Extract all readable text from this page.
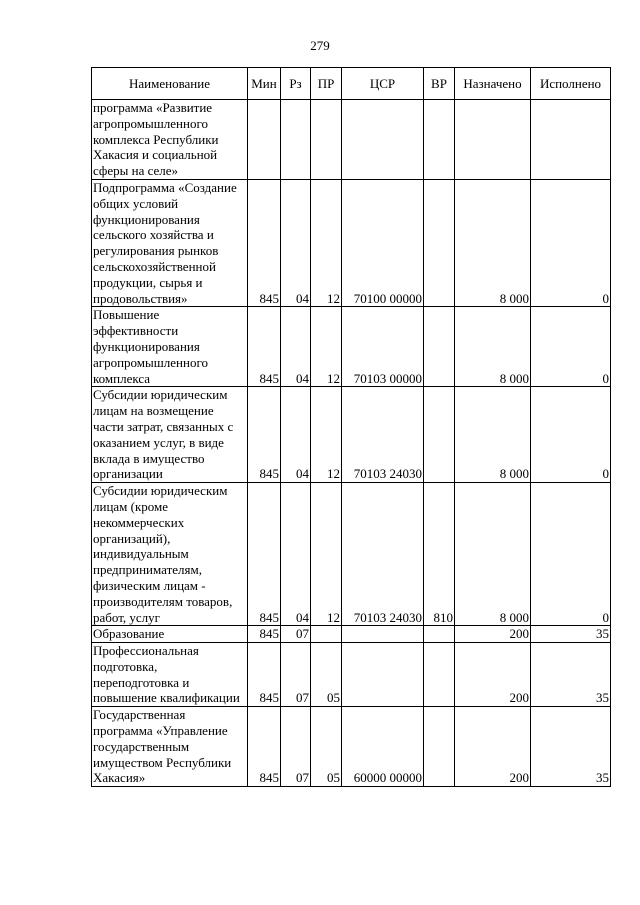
279
Наименование	Мин	Рз	ПР	ЦСР	ВР	Назначено	Исполнено
программа «Развитие агропромышленного комплекса Республики Хакасия и социальной сферы на селе»							
Подпрограмма «Создание общих условий функционирования сельского хозяйства и регулирования рынков сельскохозяйственной продукции, сырья и продовольствия»	845	04	12	70100 00000		8 000	0
Повышение эффективности функционирования агропромышленного комплекса	845	04	12	70103 00000		8 000	0
Субсидии юридическим лицам на возмещение части затрат, связанных с оказанием услуг, в виде вклада в имущество организации	845	04	12	70103 24030		8 000	0
Субсидии юридическим лицам (кроме некоммерческих организаций), индивидуальным предпринимателям, физическим лицам - производителям товаров, работ, услуг	845	04	12	70103 24030	810	8 000	0
Образование	845	07				200	35
Профессиональная подготовка, переподготовка и повышение квалификации	845	07	05			200	35
Государственная программа «Управление государственным имуществом Республики Хакасия»	845	07	05	60000 00000		200	35
